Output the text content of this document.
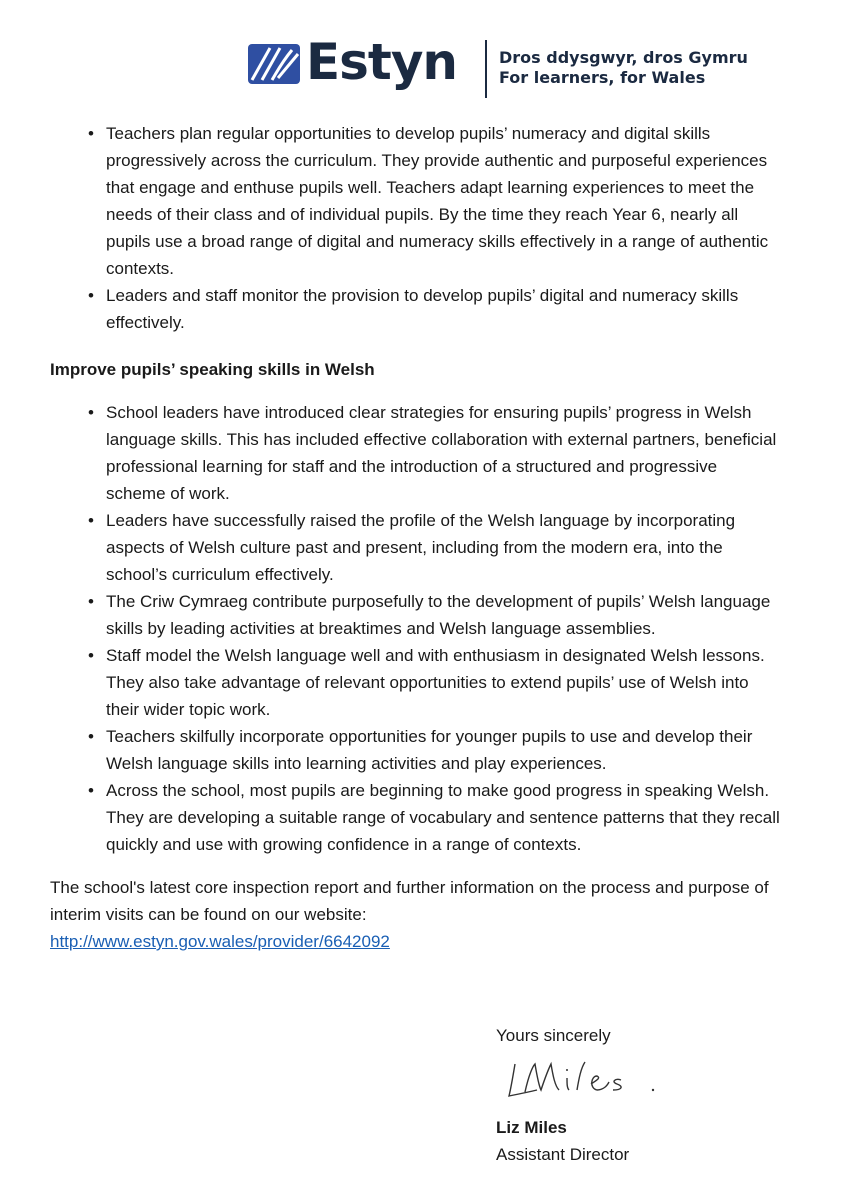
Estyn	Dros ddysgwyr, dros Gymru
For learners, for Wales
• Teachers plan regular opportunities to develop pupils’ numeracy and digital skills progressively across the curriculum. They provide authentic and purposeful experiences that engage and enthuse pupils well. Teachers adapt learning experiences to meet the needs of their class and of individual pupils. By the time they reach Year 6, nearly all pupils use a broad range of digital and numeracy skills effectively in a range of authentic contexts.
• Leaders and staff monitor the provision to develop pupils’ digital and numeracy skills effectively.
Improve pupils’ speaking skills in Welsh
• School leaders have introduced clear strategies for ensuring pupils’ progress in Welsh language skills. This has included effective collaboration with external partners, beneficial professional learning for staff and the introduction of a structured and progressive scheme of work.
• Leaders have successfully raised the profile of the Welsh language by incorporating aspects of Welsh culture past and present, including from the modern era, into the school’s curriculum effectively.
• The Criw Cymraeg contribute purposefully to the development of pupils’ Welsh language skills by leading activities at breaktimes and Welsh language assemblies.
• Staff model the Welsh language well and with enthusiasm in designated Welsh lessons. They also take advantage of relevant opportunities to extend pupils’ use of Welsh into their wider topic work.
• Teachers skilfully incorporate opportunities for younger pupils to use and develop their Welsh language skills into learning activities and play experiences.
• Across the school, most pupils are beginning to make good progress in speaking Welsh. They are developing a suitable range of vocabulary and sentence patterns that they recall quickly and use with growing confidence in a range of contexts.
The school's latest core inspection report and further information on the process and purpose of interim visits can be found on our website:
http://www.estyn.gov.wales/provider/6642092
Yours sincerely
Liz Miles
Assistant Director
